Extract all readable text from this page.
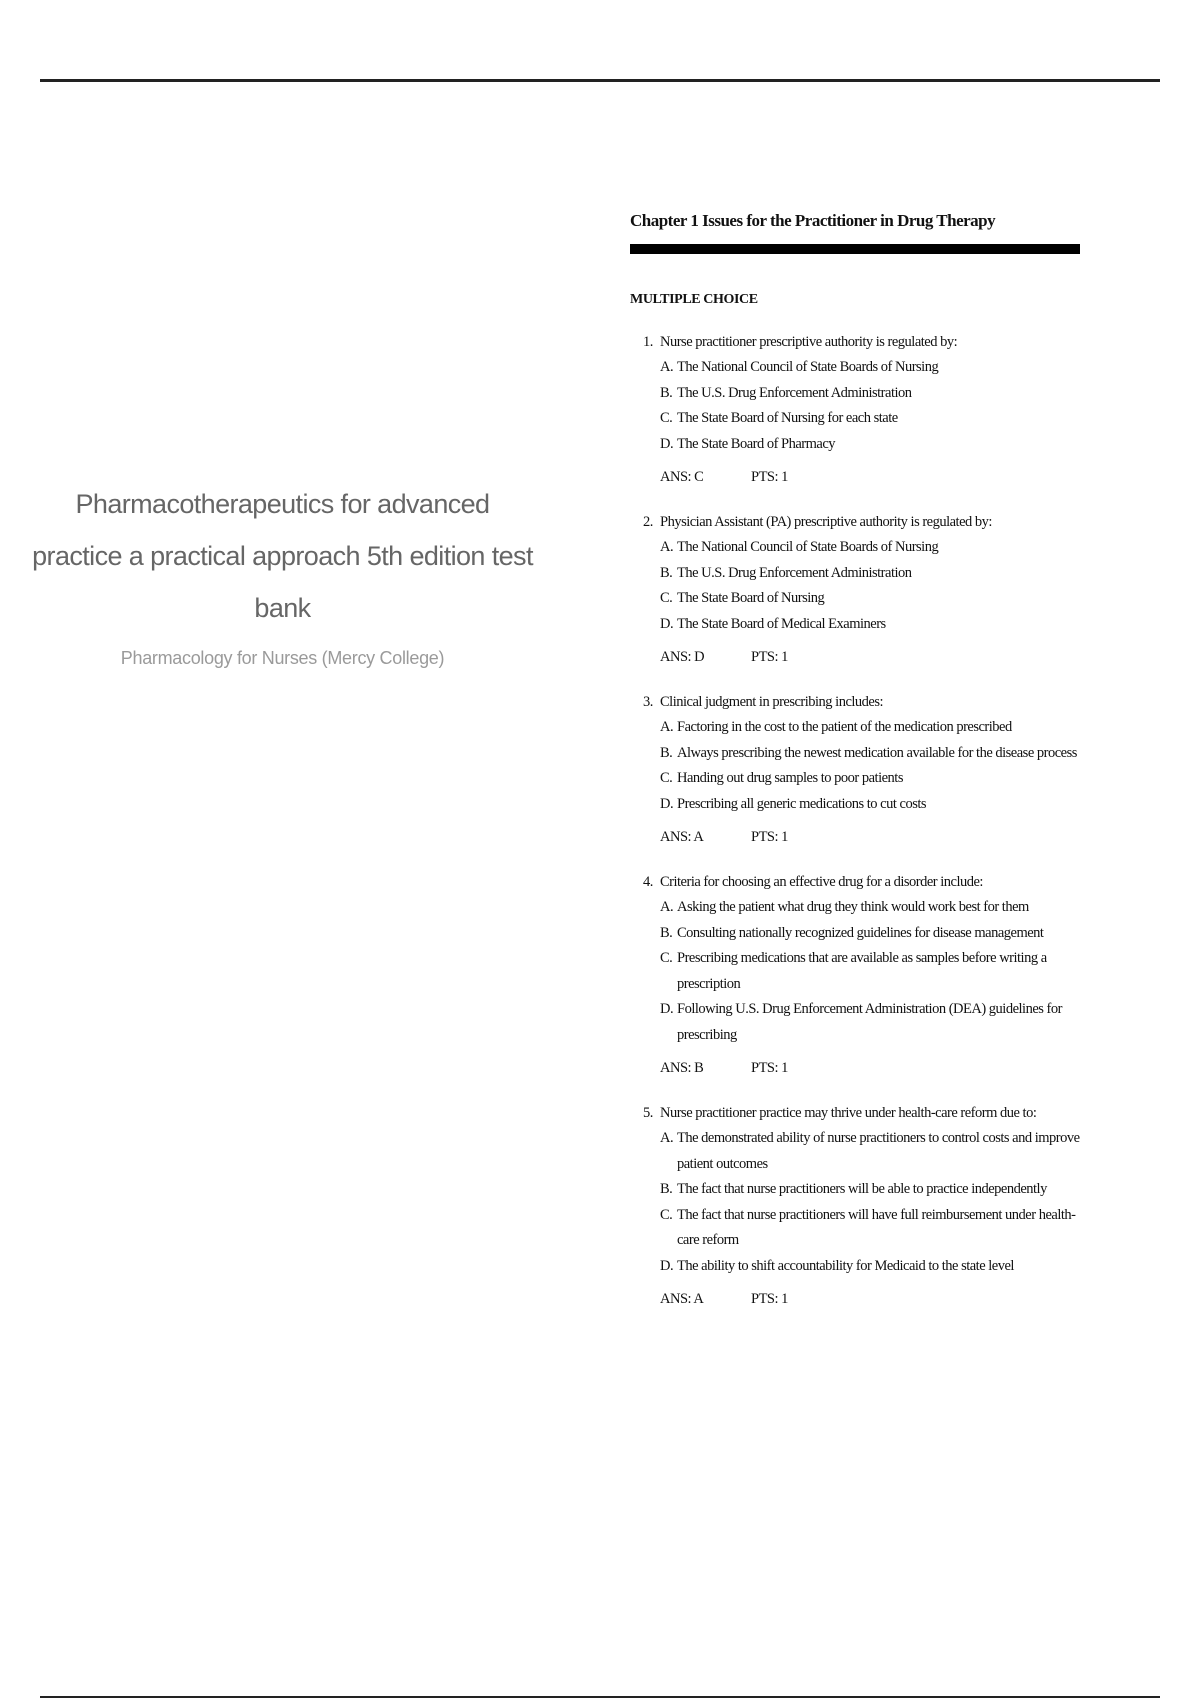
Pharmacotherapeutics for advanced practice a practical approach 5th edition test bank
Pharmacology for Nurses (Mercy College)
Chapter 1 Issues for the Practitioner in Drug Therapy
MULTIPLE CHOICE
1. Nurse practitioner prescriptive authority is regulated by:
A. The National Council of State Boards of Nursing
B. The U.S. Drug Enforcement Administration
C. The State Board of Nursing for each state
D. The State Board of Pharmacy
ANS: C	PTS: 1
2. Physician Assistant (PA) prescriptive authority is regulated by:
A. The National Council of State Boards of Nursing
B. The U.S. Drug Enforcement Administration
C. The State Board of Nursing
D. The State Board of Medical Examiners
ANS: D	PTS: 1
3. Clinical judgment in prescribing includes:
A. Factoring in the cost to the patient of the medication prescribed
B. Always prescribing the newest medication available for the disease process
C. Handing out drug samples to poor patients
D. Prescribing all generic medications to cut costs
ANS: A	PTS: 1
4. Criteria for choosing an effective drug for a disorder include:
A. Asking the patient what drug they think would work best for them
B. Consulting nationally recognized guidelines for disease management
C. Prescribing medications that are available as samples before writing a prescription
D. Following U.S. Drug Enforcement Administration (DEA) guidelines for prescribing
ANS: B	PTS: 1
5. Nurse practitioner practice may thrive under health-care reform due to:
A. The demonstrated ability of nurse practitioners to control costs and improve patient outcomes
B. The fact that nurse practitioners will be able to practice independently
C. The fact that nurse practitioners will have full reimbursement under health-care reform
D. The ability to shift accountability for Medicaid to the state level
ANS: A	PTS: 1
